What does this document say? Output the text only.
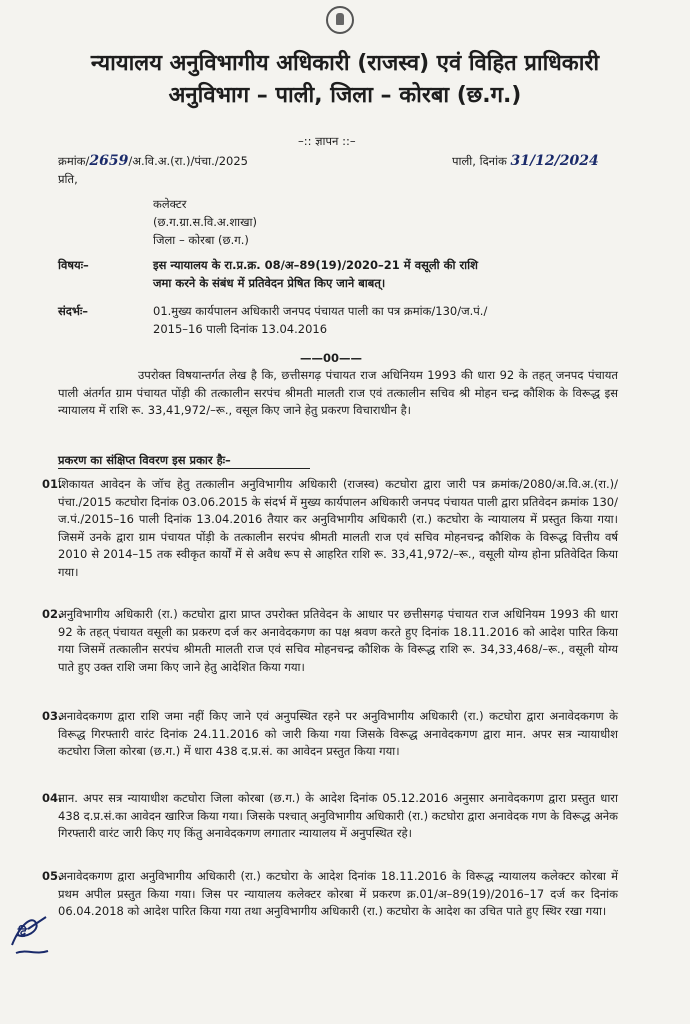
न्यायालय अनुविभागीय अधिकारी (राजस्व) एवं विहित प्राधिकारी
अनुविभाग – पाली, जिला – कोरबा (छ.ग.)
–:: ज्ञापन ::–
क्रमांक/2659/अ.वि.अ.(रा.)/पंचा./2025
प्रति,
पाली, दिनांक 31/12/2024
कलेक्टर
(छ.ग.ग्रा.स.वि.अ.शाखा)
जिला – कोरबा (छ.ग.)
विषयः–	इस न्यायालय के रा.प्र.क्र. 08/अ–89(19)/2020–21 में वसूली की राशि
जमा करने के संबंध में प्रतिवेदन प्रेषित किए जाने बाबत्।
संदर्भः–	01.मुख्य कार्यपालन अधिकारी जनपद पंचायत पाली का पत्र क्रमांक/130/ज.पं./
2015–16 पाली दिनांक 13.04.2016
——00——
उपरोक्त विषयान्तर्गत लेख है कि, छत्तीसगढ़ पंचायत राज अधिनियम 1993 की धारा 92 के तहत् जनपद पंचायत पाली अंतर्गत ग्राम पंचायत पोंड़ी की तत्कालीन सरपंच श्रीमती मालती राज एवं तत्कालीन सचिव श्री मोहन चन्द्र कौशिक के विरूद्ध इस न्यायालय में राशि रू. 33,41,972/–रू., वसूल किए जाने हेतु प्रकरण विचाराधीन है।
प्रकरण का संक्षिप्त विवरण इस प्रकार हैः–
01.
शिकायत आवेदन के जॉच हेतु तत्कालीन अनुविभागीय अधिकारी (राजस्व) कटघोरा द्वारा जारी पत्र क्रमांक/2080/अ.वि.अ.(रा.)/पंचा./2015 कटघोरा दिनांक 03.06.2015 के संदर्भ में मुख्य कार्यपालन अधिकारी जनपद पंचायत पाली द्वारा प्रतिवेदन क्रमांक 130/ज.पं./2015–16 पाली दिनांक 13.04.2016 तैयार कर अनुविभागीय अधिकारी (रा.) कटघोरा के न्यायालय में प्रस्तुत किया गया। जिसमें उनके द्वारा ग्राम पंचायत पोंड़ी के तत्कालीन सरपंच श्रीमती मालती राज एवं सचिव मोहनचन्द्र कौशिक के विरूद्ध वित्तीय वर्ष 2010 से 2014–15 तक स्वीकृत कार्यों में से अवैध रूप से आहरित राशि रू. 33,41,972/–रू., वसूली योग्य होना प्रतिवेदित किया गया।
02.
अनुविभागीय अधिकारी (रा.) कटघोरा द्वारा प्राप्त उपरोक्त प्रतिवेदन के आधार पर छत्तीसगढ़ पंचायत राज अधिनियम 1993 की धारा 92 के तहत् पंचायत वसूली का प्रकरण दर्ज कर अनावेदकगण का पक्ष श्रवण करते हुए दिनांक 18.11.2016 को आदेश पारित किया गया जिसमें तत्कालीन सरपंच श्रीमती मालती राज एवं सचिव मोहनचन्द्र कौशिक के विरूद्ध राशि रू. 34,33,468/–रू., वसूली योग्य पाते हुए उक्त राशि जमा किए जाने हेतु आदेशित किया गया।
03.
अनावेदकगण द्वारा राशि जमा नहीं किए जाने एवं अनुपस्थित रहने पर अनुविभागीय अधिकारी (रा.) कटघोरा द्वारा अनावेदकगण के विरूद्ध गिरफ्तारी वारंट दिनांक 24.11.2016 को जारी किया गया जिसके विरूद्ध अनावेदकगण द्वारा मान. अपर सत्र न्यायाधीश कटघोरा जिला कोरबा (छ.ग.) में धारा 438 द.प्र.सं. का आवेदन प्रस्तुत किया गया।
04.
मान. अपर सत्र न्यायाधीश कटघोरा जिला कोरबा (छ.ग.) के आदेश दिनांक 05.12.2016 अनुसार अनावेदकगण द्वारा प्रस्तुत धारा 438 द.प्र.सं.का आवेदन खारिज किया गया। जिसके पश्चात् अनुविभागीय अधिकारी (रा.) कटघोरा द्वारा अनावेदक गण के विरूद्ध अनेक गिरफ्तारी वारंट जारी किए गए किंतु अनावेदकगण लगातार न्यायालय में अनुपस्थित रहे।
05.
अनावेदकगण द्वारा अनुविभागीय अधिकारी (रा.) कटघोरा के आदेश दिनांक 18.11.2016 के विरूद्ध न्यायालय कलेक्टर कोरबा में प्रथम अपील प्रस्तुत किया गया। जिस पर न्यायालय कलेक्टर कोरबा में प्रकरण क्र.01/अ–89(19)/2016–17 दर्ज कर दिनांक 06.04.2018 को आदेश पारित किया गया तथा अनुविभागीय अधिकारी (रा.) कटघोरा के आदेश का उचित पाते हुए स्थिर रखा गया।
दि
